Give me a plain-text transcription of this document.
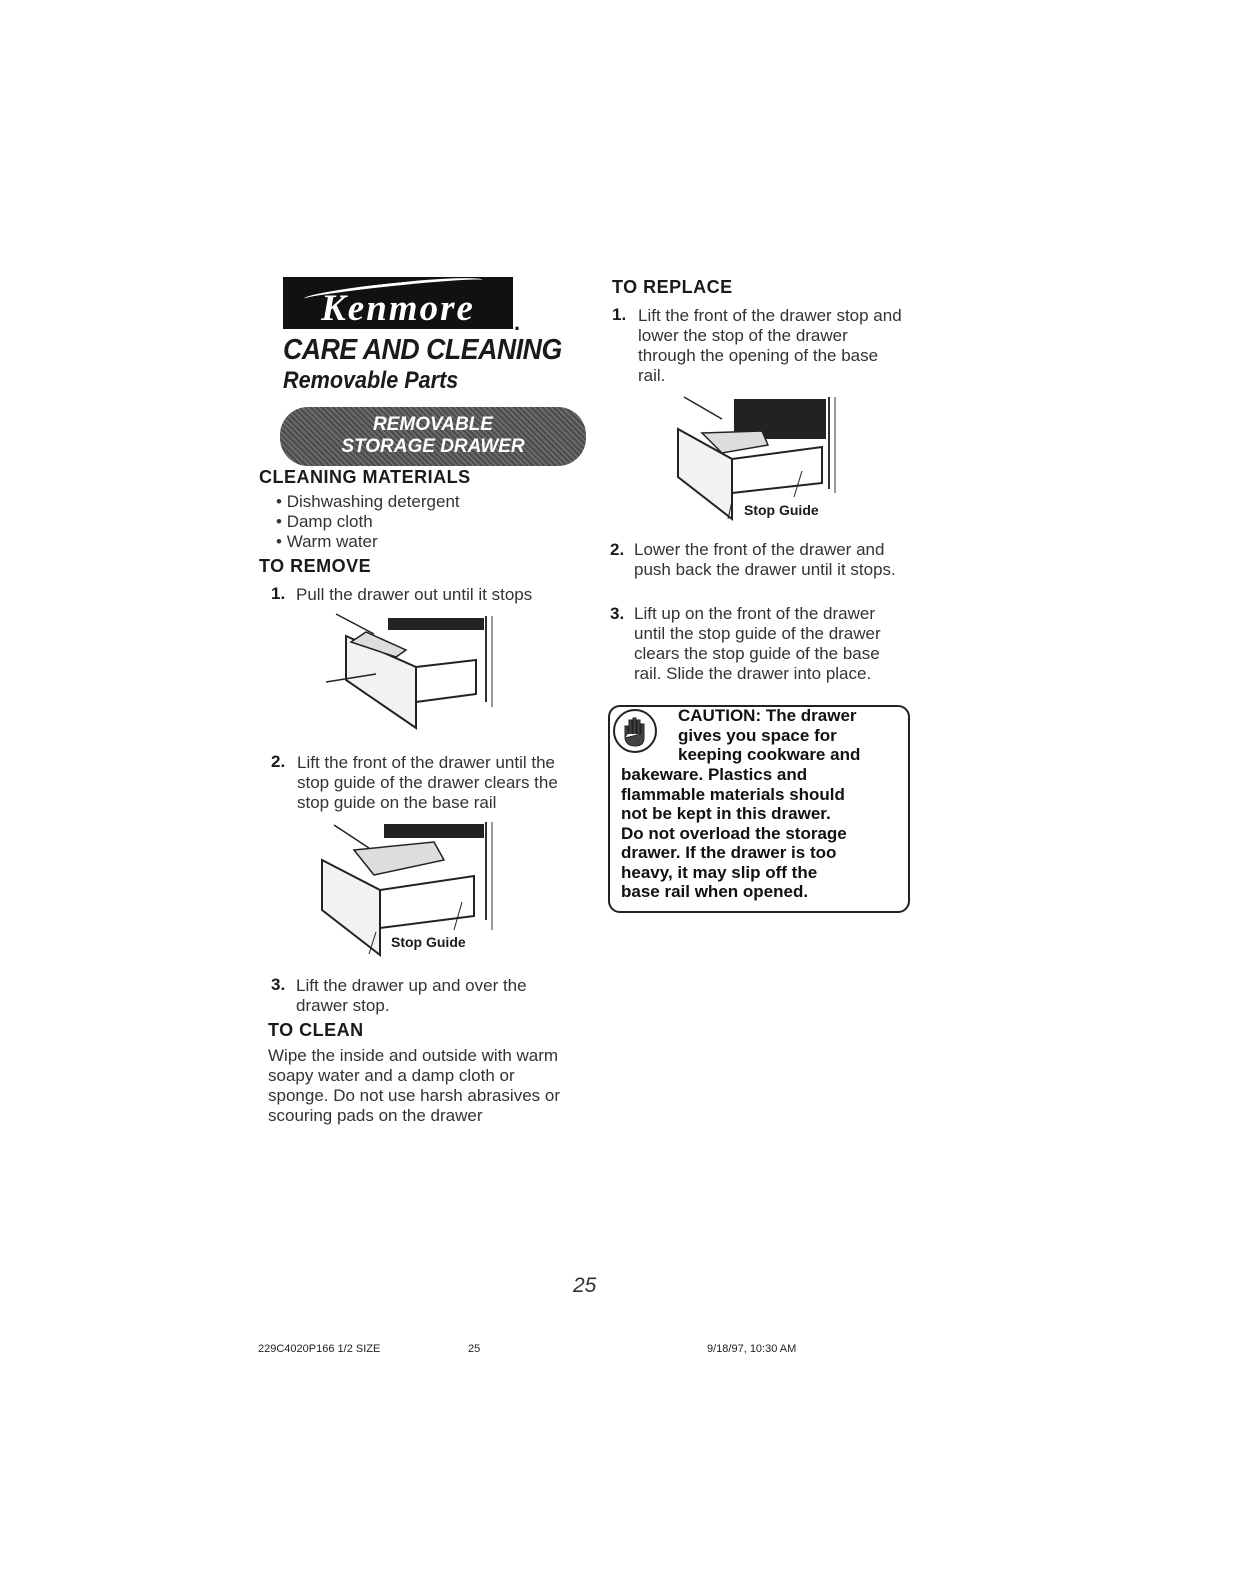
Kenmore	.
CARE AND CLEANING
Removable Parts
REMOVABLE
STORAGE DRAWER
CLEANING MATERIALS
• Dishwashing detergent
• Damp cloth
• Warm water
TO REMOVE
1. Pull the drawer out until it stops
2. Lift the front of the drawer until the stop guide of the drawer clears the stop guide on the base rail
Stop Guide
3. Lift the drawer up and over the drawer stop.
TO CLEAN
Wipe the inside and outside with warm soapy water and a damp cloth or sponge. Do not use harsh abrasives or scouring pads on the drawer
TO REPLACE
1. Lift the front of the drawer stop and lower the stop of the drawer through the opening of the base rail.
Stop Guide
2. Lower the front of the drawer and push back the drawer until it stops.
3. Lift up on the front of the drawer until the stop guide of the drawer clears the stop guide of the base rail. Slide the drawer into place.
CAUTION: The drawer
gives you space for
keeping cookware and
bakeware. Plastics and
flammable materials should
not be kept in this drawer.
Do not overload the storage
drawer. If the drawer is too
heavy, it may slip off the
base rail when opened.
25
229C4020P166 1/2 SIZE	25	9/18/97, 10:30 AM
